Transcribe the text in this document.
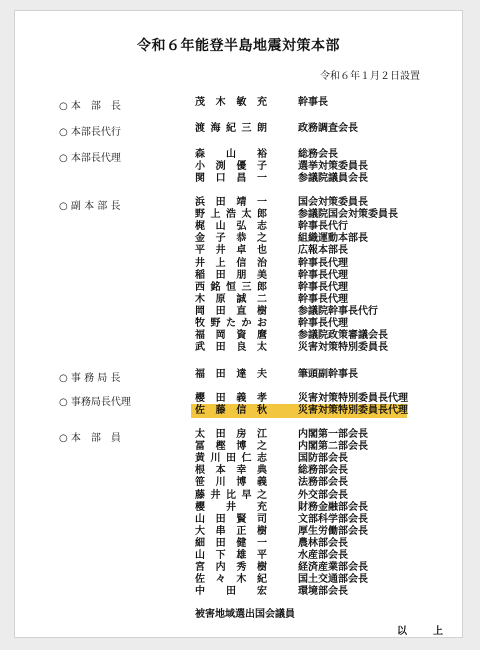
令和６年能登半島地震対策本部
令和６年１月２日設置
○ 本　部　長	茂 木 敏 充	幹事長
○ 本部長代行	渡 海 紀 三 朗	政務調査会長
○ 本部長代理	森 山 裕	総務会長
小 渕 優 子	選挙対策委員長
関 口 昌 一	参議院議員会長
○ 副 本 部 長	浜 田 靖 一	国会対策委員長
野 上 浩 太 郎	参議院国会対策委員長
梶 山 弘 志	幹事長代行
金 子 恭 之	組織運動本部長
平 井 卓 也	広報本部長
井 上 信 治	幹事長代理
稲 田 朋 美	幹事長代理
西 銘 恒 三 郎	幹事長代理
木 原 誠 二	幹事長代理
岡 田 直 樹	参議院幹事長代行
牧 野 た か お	幹事長代理
福 岡 資 麿	参議院政策審議会長
武 田 良 太	災害対策特別委員長
○ 事 務 局 長	福 田 達 夫	筆頭副幹事長
○ 事務局長代理	櫻 田 義 孝	災害対策特別委員長代理
佐 藤 信 秋	災害対策特別委員長代理
○ 本　部　員	太 田 房 江	内閣第一部会長
冨 樫 博 之	内閣第二部会長
黄 川 田 仁 志	国防部会長
根 本 幸 典	総務部会長
笹 川 博 義	法務部会長
藤 井 比 早 之	外交部会長
櫻 井 充	財務金融部会長
山 田 賢 司	文部科学部会長
大 串 正 樹	厚生労働部会長
細 田 健 一	農林部会長
山 下 雄 平	水産部会長
宮 内 秀 樹	経済産業部会長
佐 々 木 紀	国土交通部会長
中 田 宏	環境部会長
被害地域選出国会議員
以　上
